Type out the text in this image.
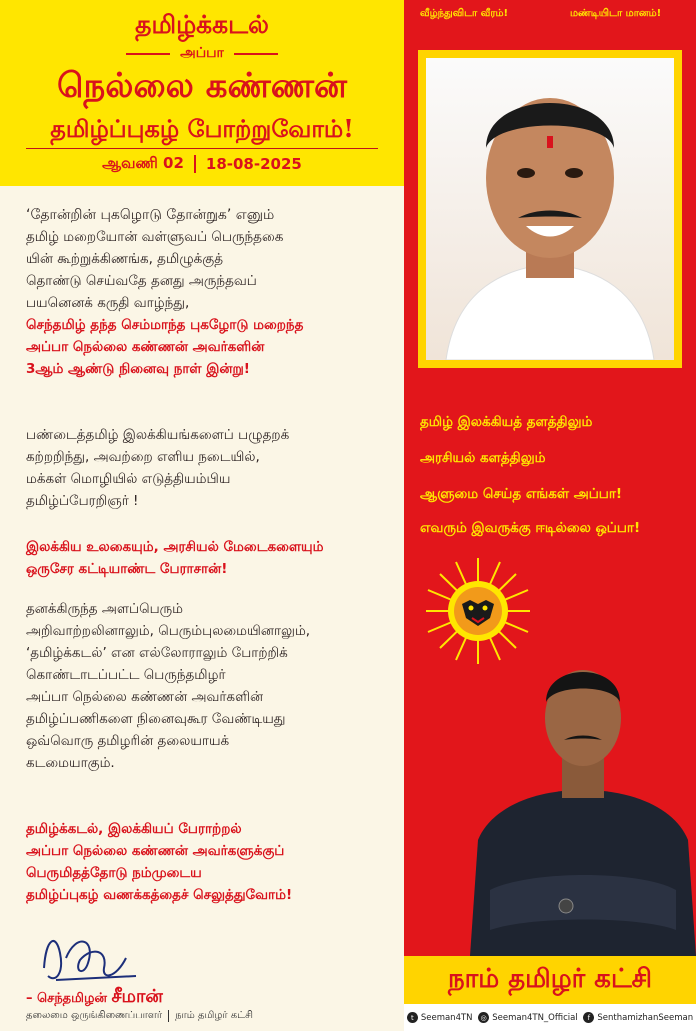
தமிழ்க்கடல்
அப்பா
நெல்லை கண்ணன்
தமிழ்ப்புகழ் போற்றுவோம்!
ஆவணி 02 18-08-2025
‘தோன்றின் புகழொடு தோன்றுக’ எனும்
தமிழ் மறையோன் வள்ளுவப் பெருந்தகை
யின் கூற்றுக்கிணங்க, தமிழுக்குத்
தொண்டு செய்வதே தனது அருந்தவப்
பயனெனக் கருதி வாழ்ந்து,
செந்தமிழ் தந்த செம்மாந்த புகழோடு மறைந்த
அப்பா நெல்லை கண்ணன் அவர்களின்
3ஆம் ஆண்டு நினைவு நாள் இன்று!
பண்டைத்தமிழ் இலக்கியங்களைப் பழுதறக்
கற்றறிந்து, அவற்றை எளிய நடையில்,
மக்கள் மொழியில் எடுத்தியம்பிய
தமிழ்ப்பேரறிஞர் !
இலக்கிய உலகையும், அரசியல் மேடைகளையும்
ஒருசேர கட்டியாண்ட பேராசான்!
தனக்கிருந்த அளப்பெரும்
அறிவாற்றலினாலும், பெரும்புலமையினாலும்,
‘தமிழ்க்கடல்’ என எல்லோராலும் போற்றிக்
கொண்டாடப்பட்ட பெருந்தமிழர்
அப்பா நெல்லை கண்ணன் அவர்களின்
தமிழ்ப்பணிகளை நினைவுகூர வேண்டியது
ஒவ்வொரு தமிழரின் தலையாயக்
கடமையாகும்.
தமிழ்க்கடல், இலக்கியப் பேராற்றல்
அப்பா நெல்லை கண்ணன் அவர்களுக்குப்
பெருமிதத்தோடு நம்முடைய
தமிழ்ப்புகழ் வணக்கத்தைச் செலுத்துவோம்!
– செந்தமிழன் சீமான்
தலைமை ஒருங்கிணைப்பாளர் நாம் தமிழர் கட்சி
வீழ்ந்துவிடா வீரம்!	மண்டியிடா மானம்!
தமிழ் இலக்கியத் தளத்திலும்
அரசியல் களத்திலும்
ஆளுமை செய்த எங்கள் அப்பா!
எவரும் இவருக்கு ஈடில்லை ஒப்பா!
நாம் தமிழர் கட்சி
t Seeman4TN	◎ Seeman4TN_Official	f SenthamizhanSeeman
